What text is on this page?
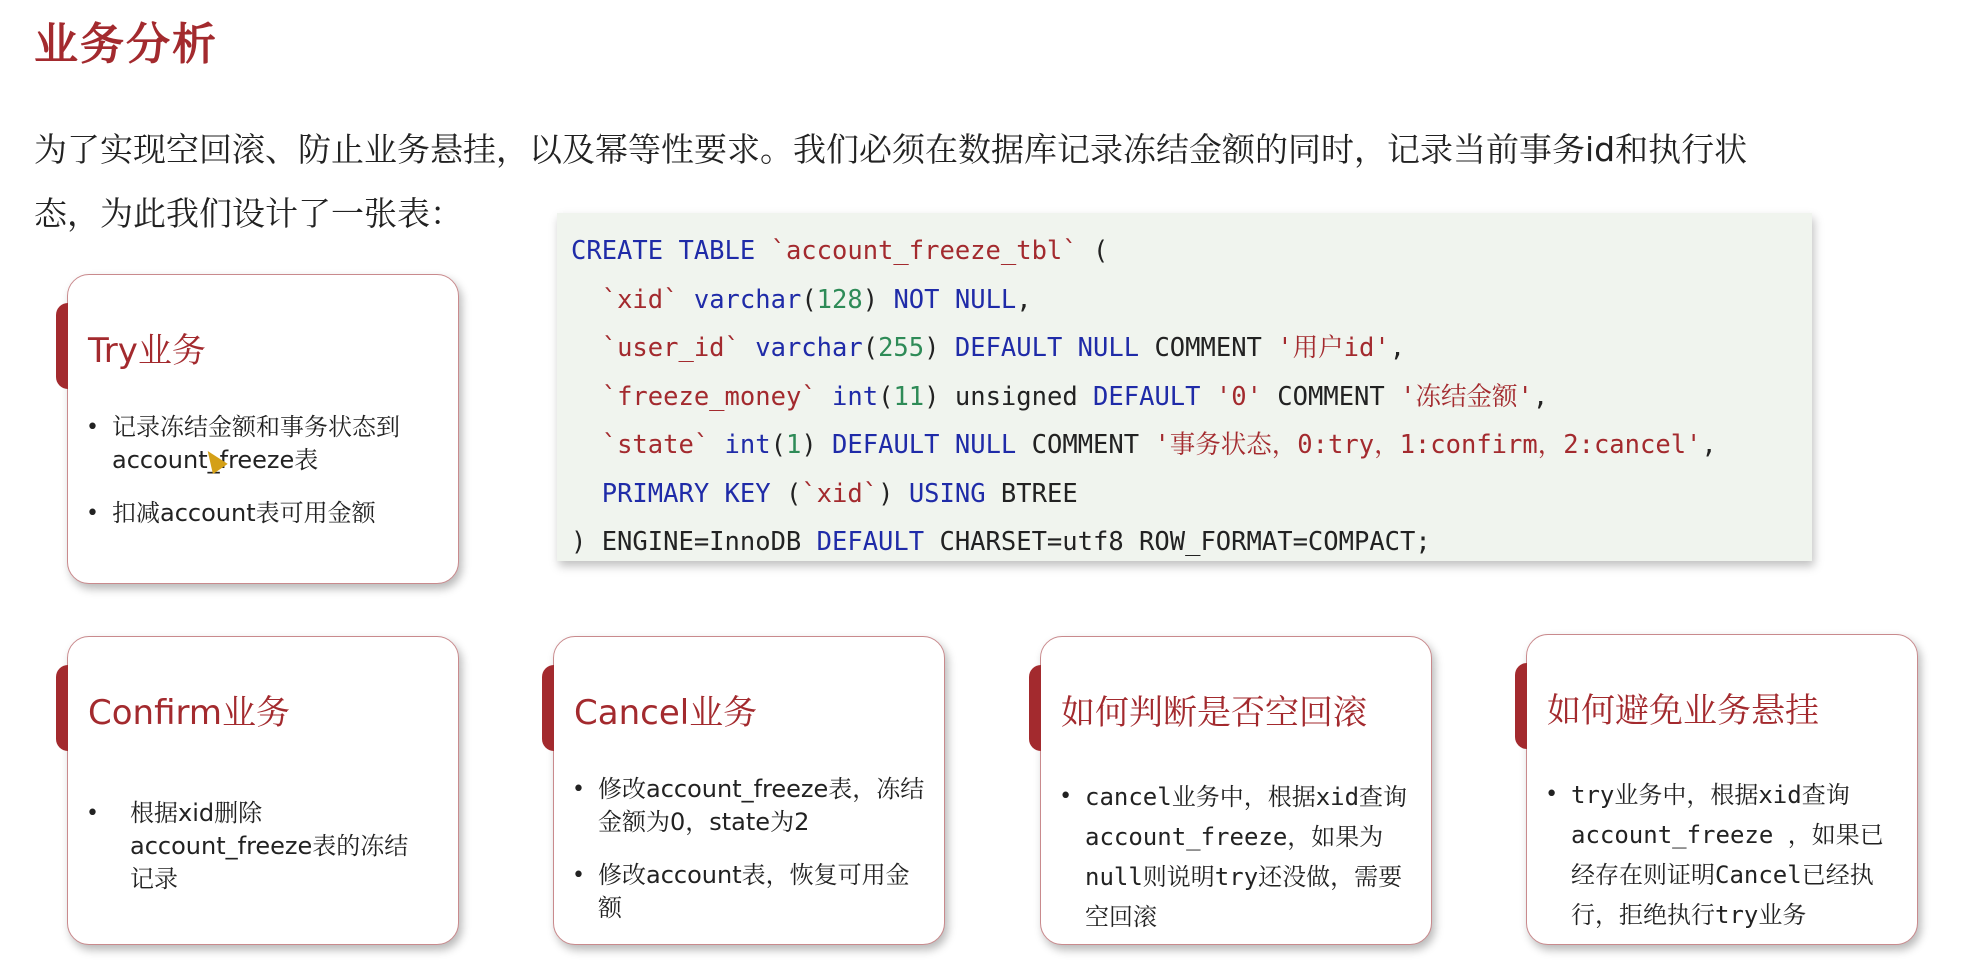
业务分析
为了实现空回滚、防止业务悬挂，以及幂等性要求。我们必须在数据库记录冻结金额的同时，记录当前事务id和执行状
态，为此我们设计了一张表：
CREATE TABLE `account_freeze_tbl` (
`xid` varchar(128) NOT NULL,
`user_id` varchar(255) DEFAULT NULL COMMENT '用户id',
`freeze_money` int(11) unsigned DEFAULT '0' COMMENT '冻结金额',
`state` int(1) DEFAULT NULL COMMENT '事务状态，0:try，1:confirm，2:cancel',
PRIMARY KEY (`xid`) USING BTREE
) ENGINE=InnoDB DEFAULT CHARSET=utf8 ROW_FORMAT=COMPACT;
Try业务
• 记录冻结金额和事务状态到account_freeze表
• 扣减account表可用金额
Confirm业务
• 根据xid删除account_freeze表的冻结记录
Cancel业务
• 修改account_freeze表，冻结金额为0，state为2
• 修改account表，恢复可用金额
如何判断是否空回滚
• cancel业务中，根据xid查询account_freeze，如果为null则说明try还没做，需要空回滚
如何避免业务悬挂
• try业务中，根据xid查询account_freeze ，如果已经存在则证明Cancel已经执行，拒绝执行try业务
